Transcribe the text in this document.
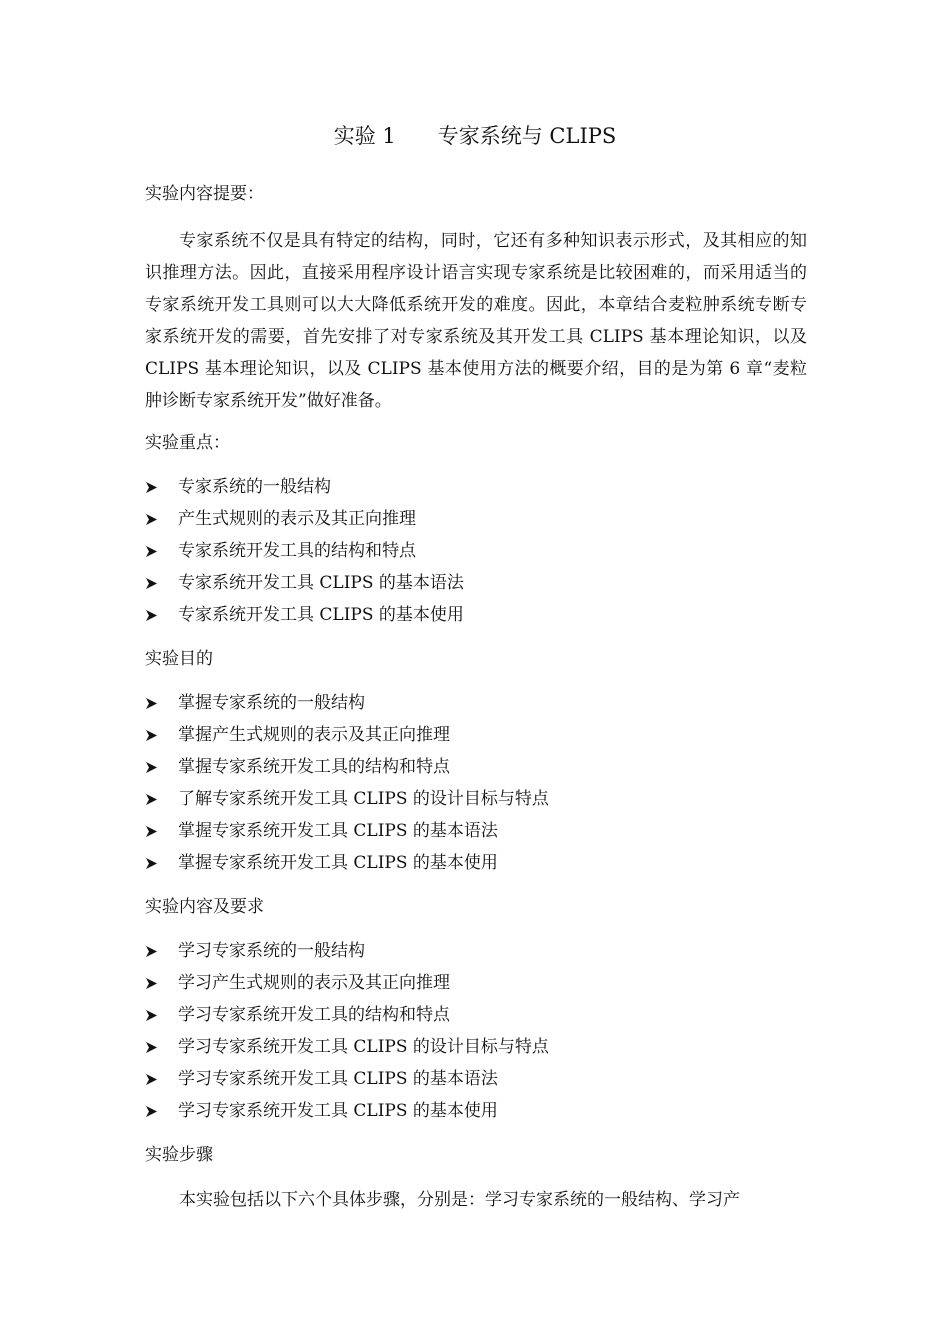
实验 1　　专家系统与 CLIPS
实验内容提要：

专家系统不仅是具有特定的结构，同时，它还有多种知识表示形式，及其相应的知识推理方法。因此，直接采用程序设计语言实现专家系统是比较困难的，而采用适当的专家系统开发工具则可以大大降低系统开发的难度。因此，本章结合麦粒肿系统专断专家系统开发的需要，首先安排了对专家系统及其开发工具 CLIPS 基本理论知识，以及 CLIPS 基本理论知识，以及 CLIPS 基本使用方法的概要介绍，目的是为第 6 章“麦粒肿诊断专家系统开发”做好准备。

实验重点：
专家系统的一般结构
产生式规则的表示及其正向推理
专家系统开发工具的结构和特点
专家系统开发工具 CLIPS 的基本语法
专家系统开发工具 CLIPS 的基本使用
实验目的
掌握专家系统的一般结构
掌握产生式规则的表示及其正向推理
掌握专家系统开发工具的结构和特点
了解专家系统开发工具 CLIPS 的设计目标与特点
掌握专家系统开发工具 CLIPS 的基本语法
掌握专家系统开发工具 CLIPS 的基本使用
实验内容及要求
学习专家系统的一般结构
学习产生式规则的表示及其正向推理
学习专家系统开发工具的结构和特点
学习专家系统开发工具 CLIPS 的设计目标与特点
学习专家系统开发工具 CLIPS 的基本语法
学习专家系统开发工具 CLIPS 的基本使用
实验步骤

本实验包括以下六个具体步骤，分别是：学习专家系统的一般结构、学习产
